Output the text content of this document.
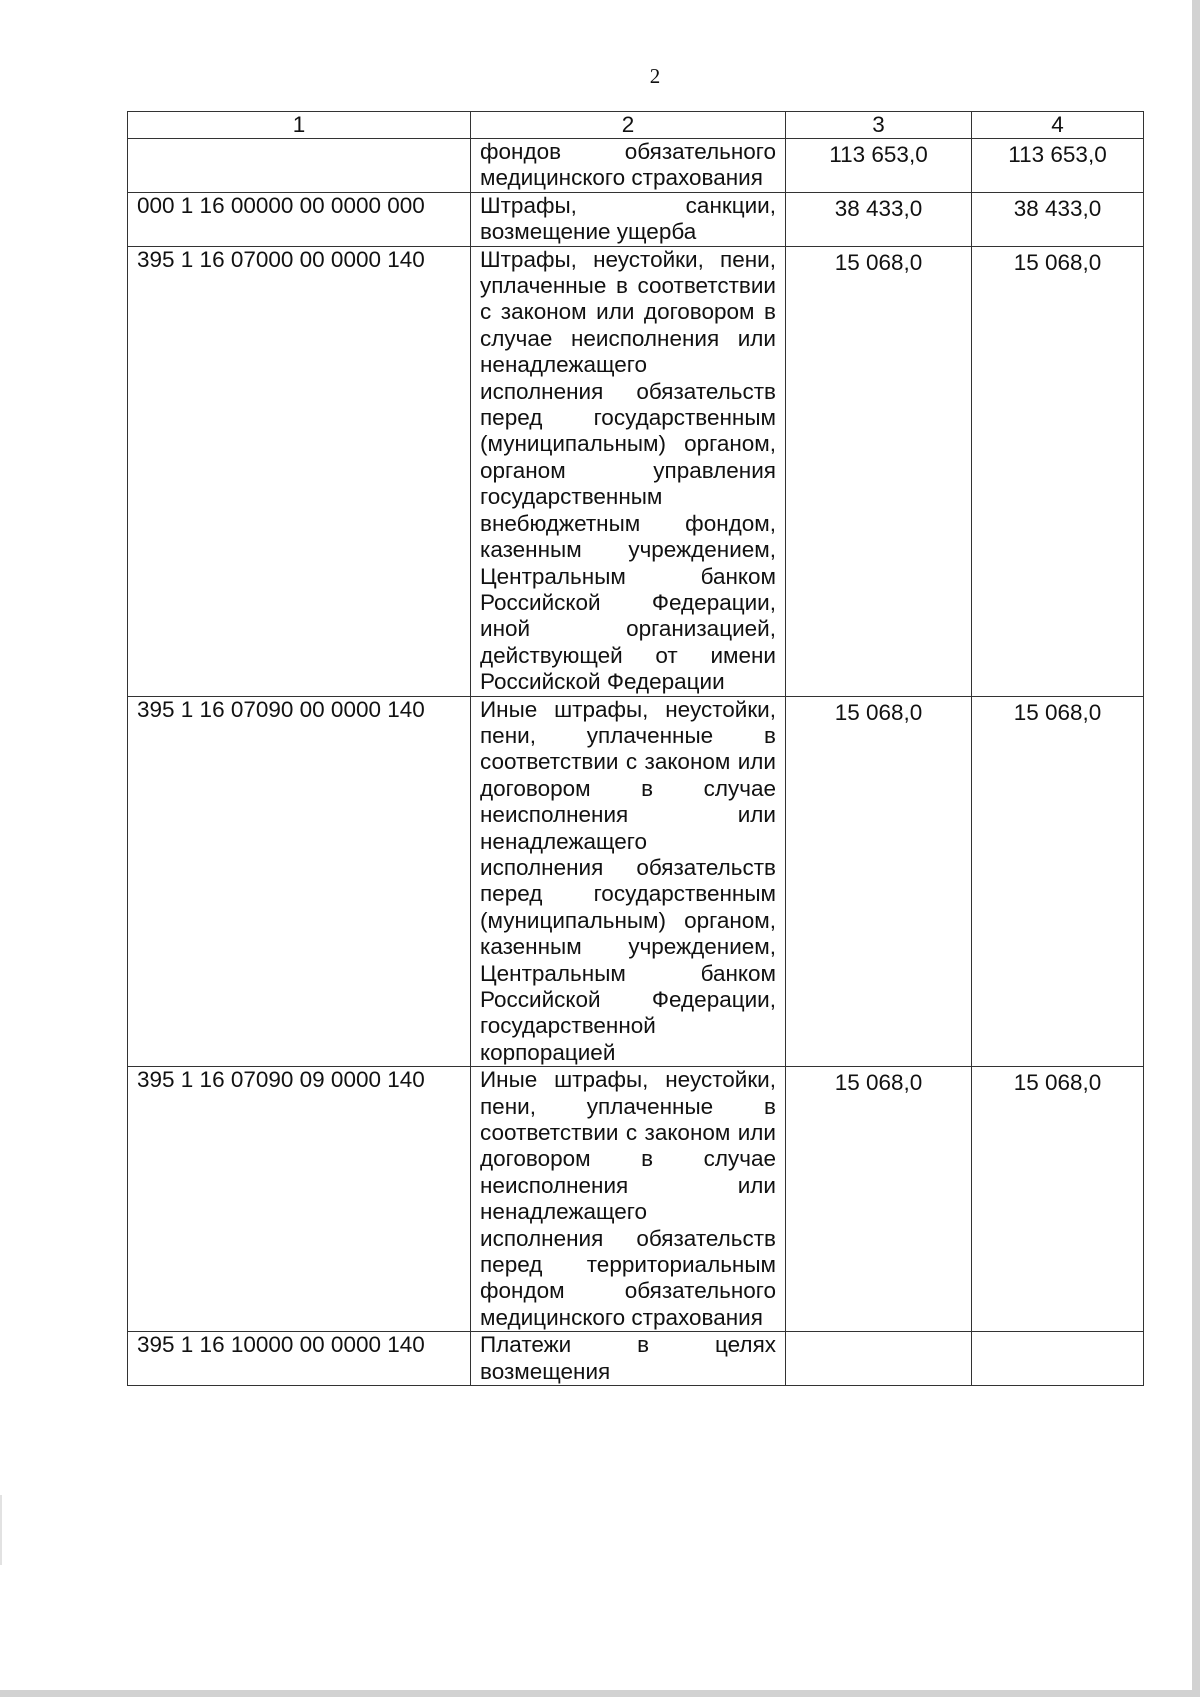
2
1	2	3	4
	фондов обязательного медицинского страхования	113 653,0	113 653,0
000 1 16 00000 00 0000 000	Штрафы, санкции, возмещение ущерба	38 433,0	38 433,0
395 1 16 07000 00 0000 140	Штрафы, неустойки, пени, уплаченные в соответствии с законом или договором в случае неисполнения или ненадлежащего исполнения обязательств перед государственным (муниципальным) органом, органом управления государственным внебюджетным фондом, казенным учреждением, Центральным банком Российской Федерации, иной организацией, действующей от имени Российской Федерации	15 068,0	15 068,0
395 1 16 07090 00 0000 140	Иные штрафы, неустойки, пени, уплаченные в соответствии с законом или договором в случае неисполнения или ненадлежащего исполнения обязательств перед государственным (муниципальным) органом, казенным учреждением, Центральным банком Российской Федерации, государственной корпорацией	15 068,0	15 068,0
395 1 16 07090 09 0000 140	Иные штрафы, неустойки, пени, уплаченные в соответствии с законом или договором в случае неисполнения или ненадлежащего исполнения обязательств перед территориальным фондом обязательного медицинского страхования	15 068,0	15 068,0
395 1 16 10000 00 0000 140	Платежи в целях возмещения		
